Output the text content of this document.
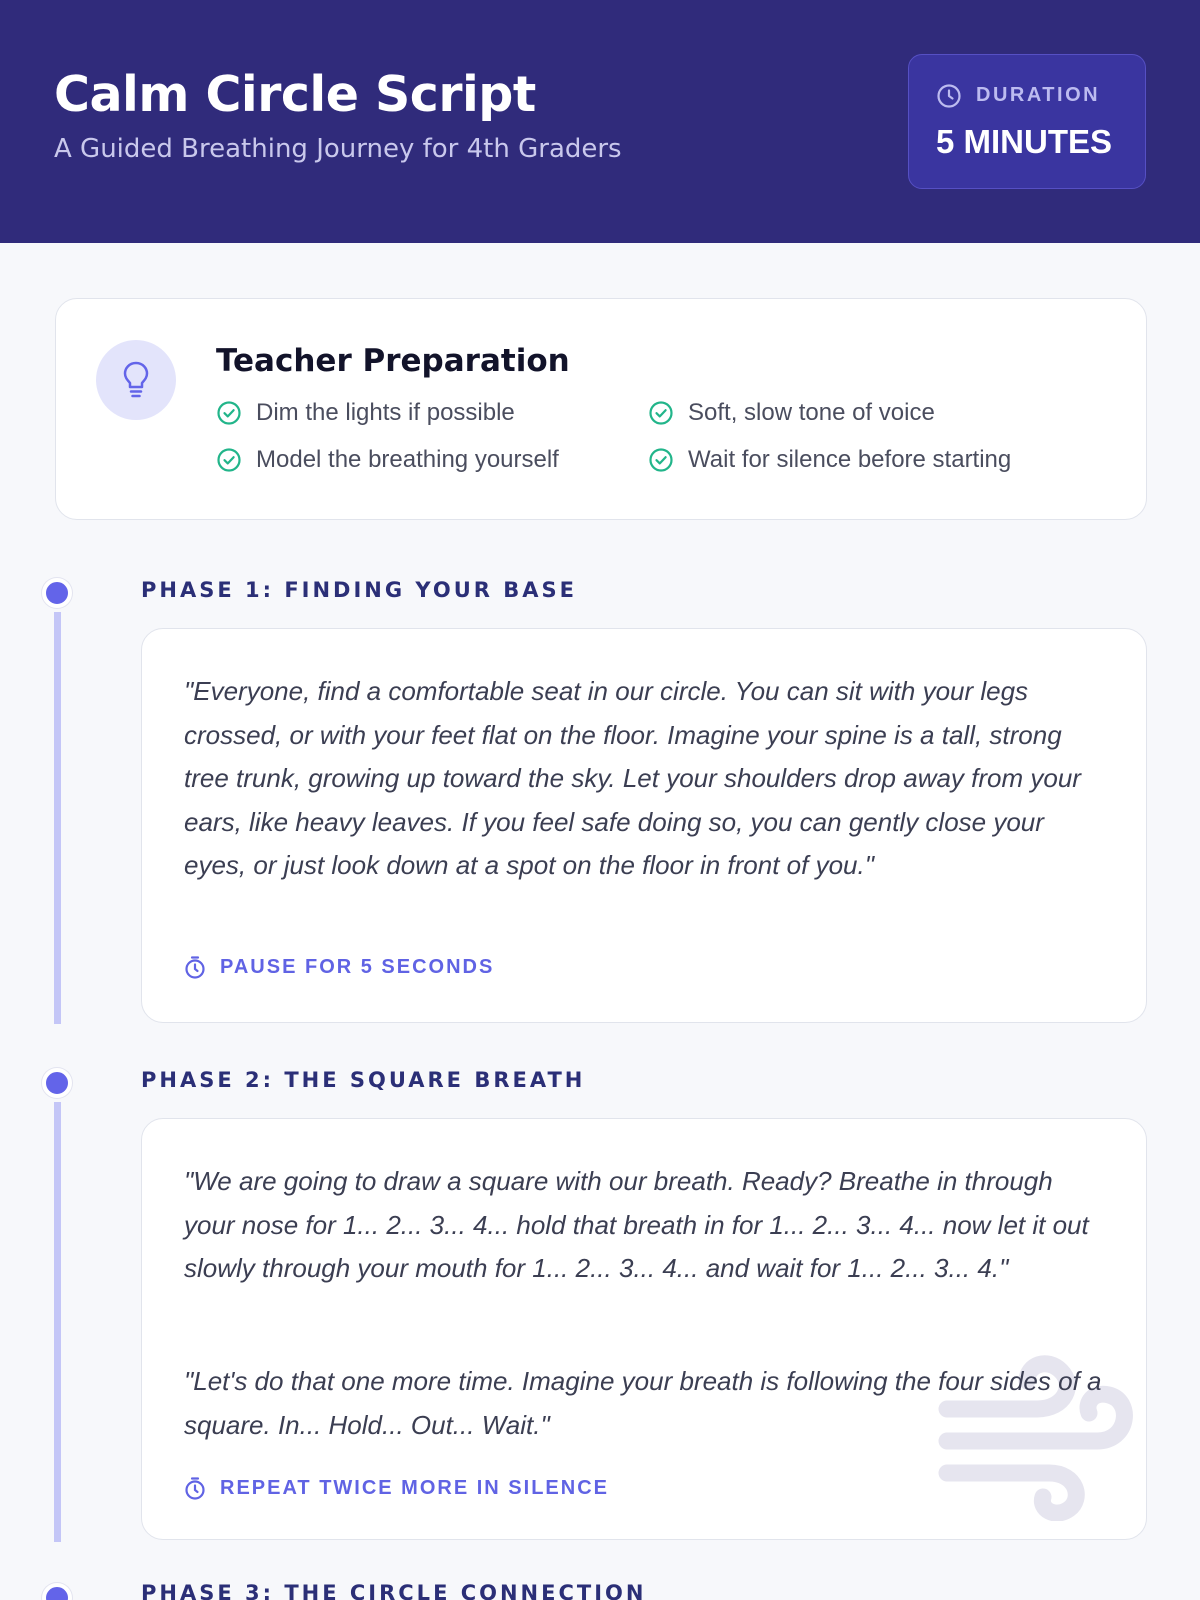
Calm Circle Script
A Guided Breathing Journey for 4th Graders
DURATION
5 MINUTES
Teacher Preparation
Dim the lights if possible	Soft, slow tone of voice
Model the breathing yourself	Wait for silence before starting
PHASE 1: FINDING YOUR BASE

"Everyone, find a comfortable seat in our circle. You can sit with your legs crossed, or with your feet flat on the floor. Imagine your spine is a tall, strong tree trunk, growing up toward the sky. Let your shoulders drop away from your ears, like heavy leaves. If you feel safe doing so, you can gently close your eyes, or just look down at a spot on the floor in front of you."

PAUSE FOR 5 SECONDS
PHASE 2: THE SQUARE BREATH

"We are going to draw a square with our breath. Ready? Breathe in through your nose for 1... 2... 3... 4... hold that breath in for 1... 2... 3... 4... now let it out slowly through your mouth for 1... 2... 3... 4... and wait for 1... 2... 3... 4."

"Let's do that one more time. Imagine your breath is following the four sides of a square. In... Hold... Out... Wait."

REPEAT TWICE MORE IN SILENCE
PHASE 3: THE CIRCLE CONNECTION
